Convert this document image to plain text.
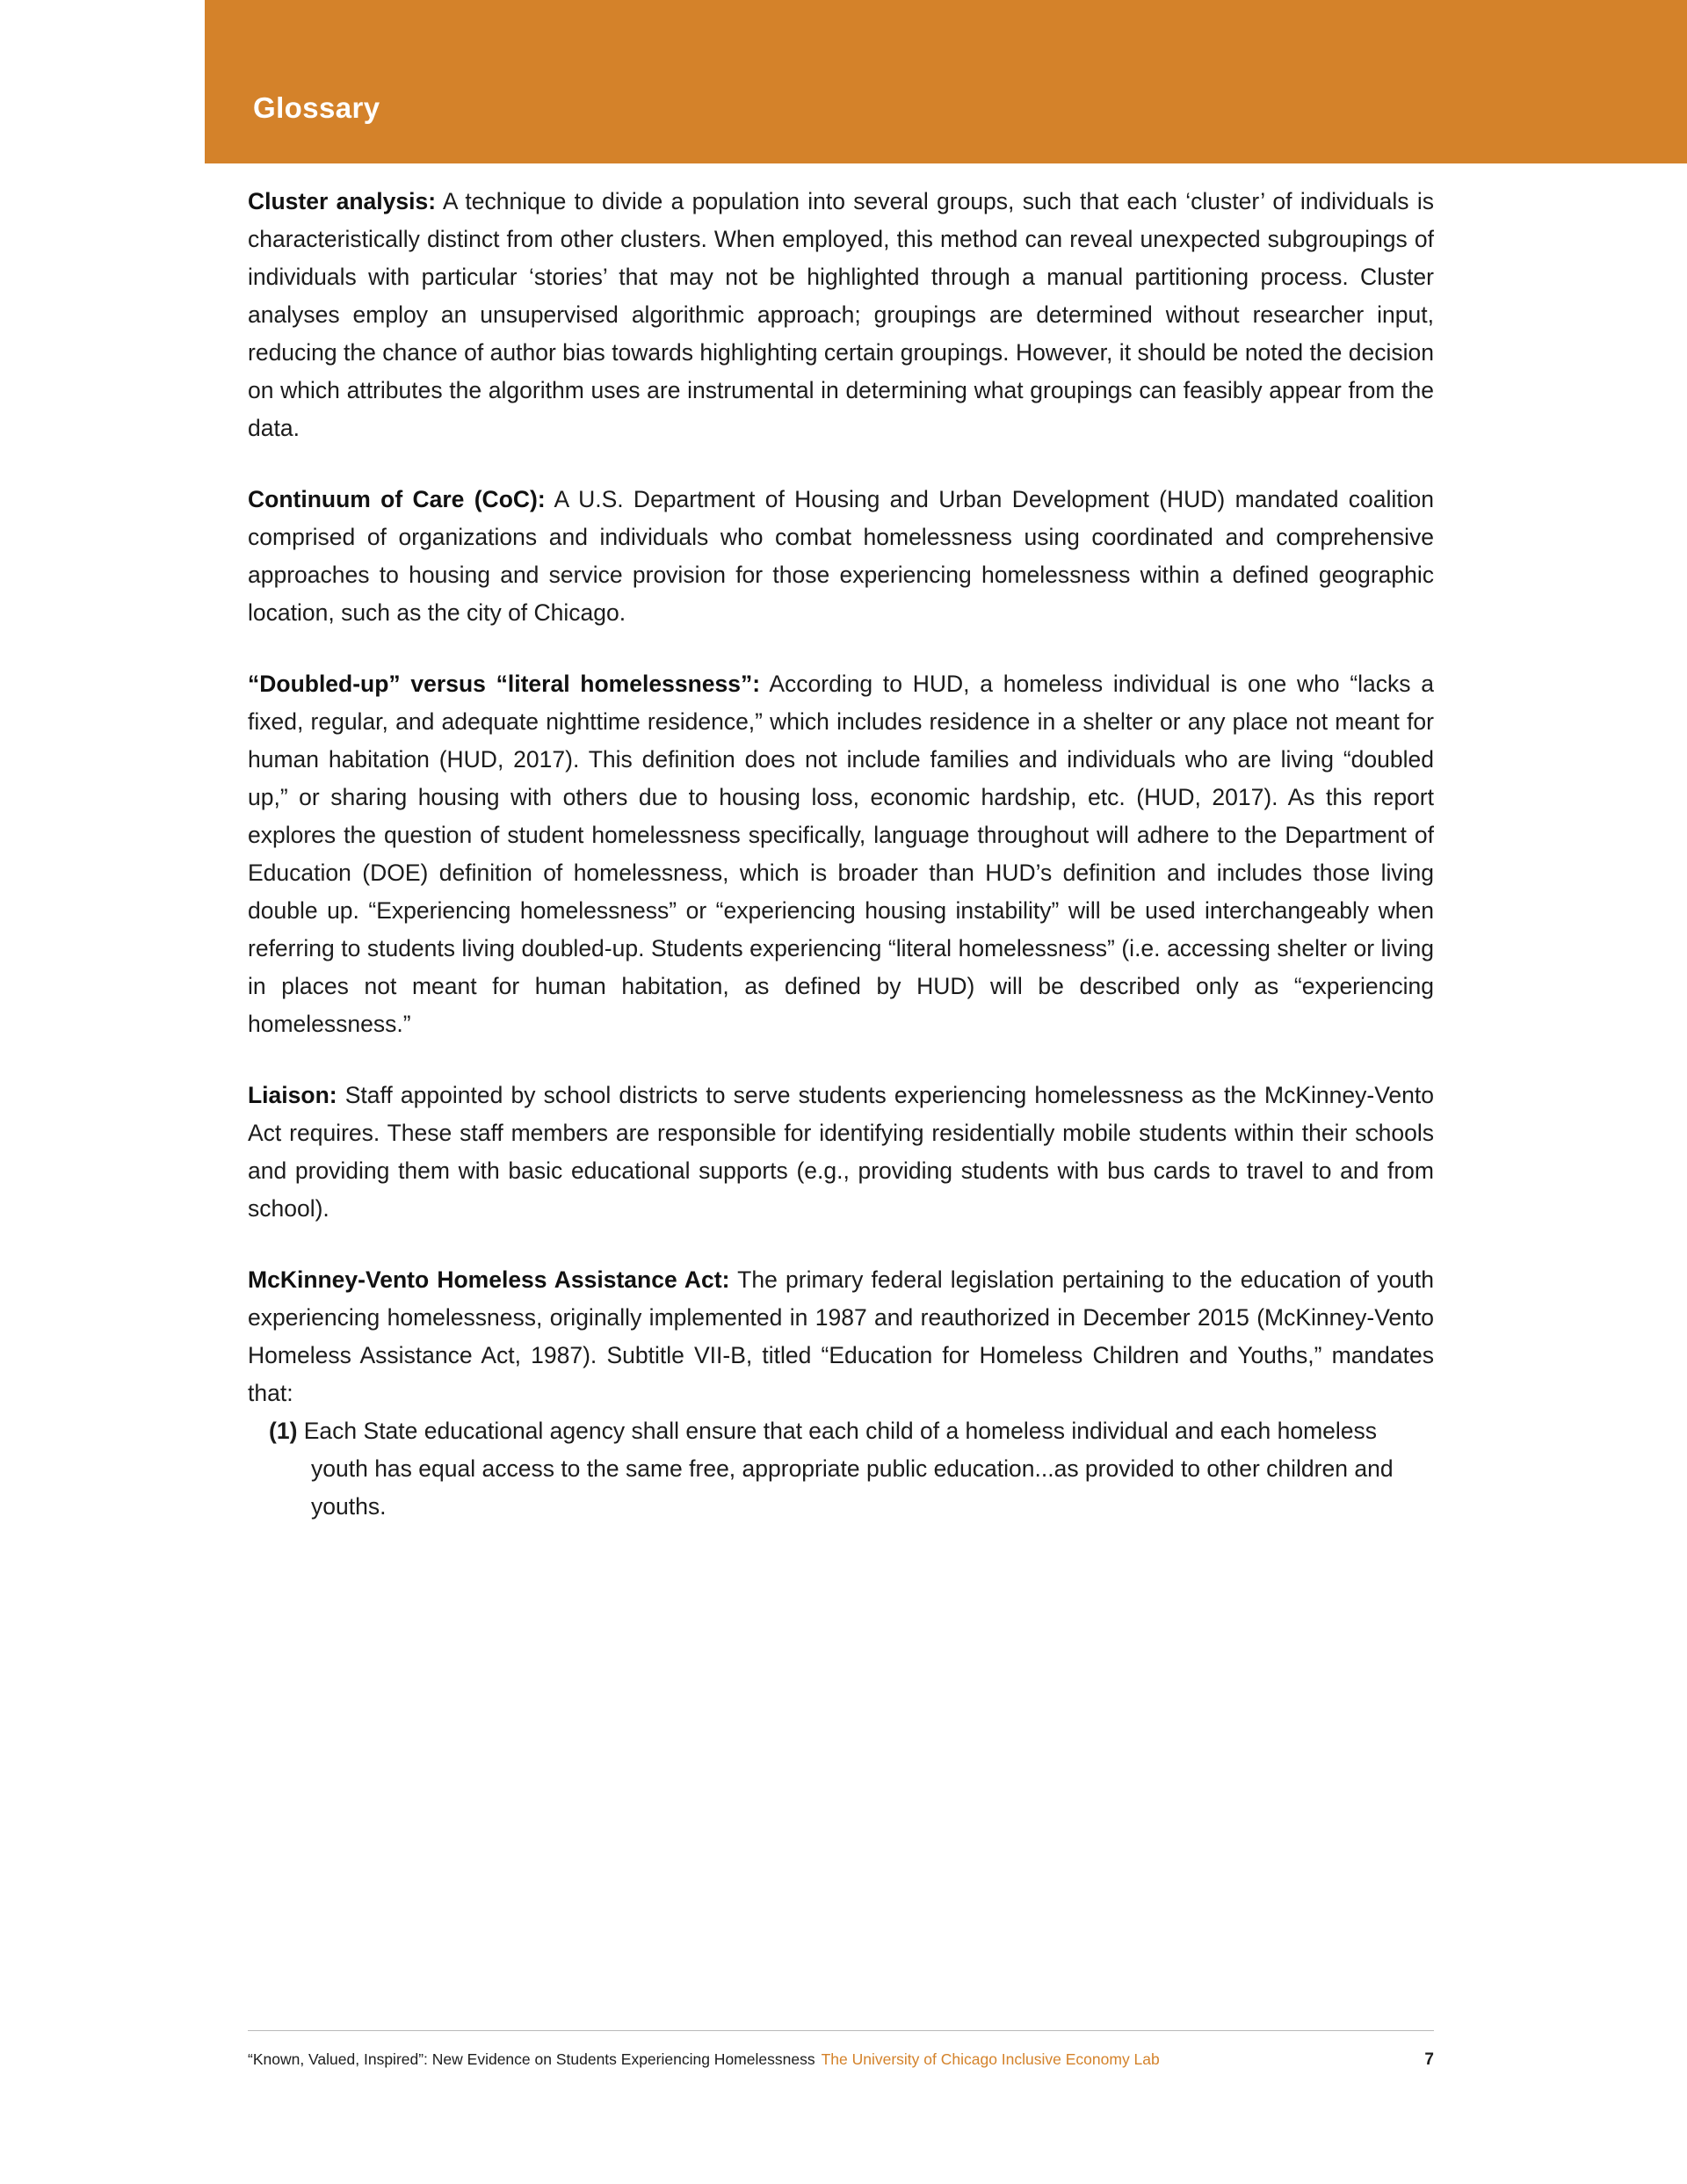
Glossary

Cluster analysis: A technique to divide a population into several groups, such that each ‘cluster’ of individuals is characteristically distinct from other clusters. When employed, this method can reveal unexpected subgroupings of individuals with particular ‘stories’ that may not be highlighted through a manual partitioning process. Cluster analyses employ an unsupervised algorithmic approach; groupings are determined without researcher input, reducing the chance of author bias towards highlighting certain groupings. However, it should be noted the decision on which attributes the algorithm uses are instrumental in determining what groupings can feasibly appear from the data.

Continuum of Care (CoC): A U.S. Department of Housing and Urban Development (HUD) mandated coalition comprised of organizations and individuals who combat homelessness using coordinated and comprehensive approaches to housing and service provision for those experiencing homelessness within a defined geographic location, such as the city of Chicago.

“Doubled-up” versus “literal homelessness”: According to HUD, a homeless individual is one who “lacks a fixed, regular, and adequate nighttime residence,” which includes residence in a shelter or any place not meant for human habitation (HUD, 2017). This definition does not include families and individuals who are living “doubled up,” or sharing housing with others due to housing loss, economic hardship, etc. (HUD, 2017). As this report explores the question of student homelessness specifically, language throughout will adhere to the Department of Education (DOE) definition of homelessness, which is broader than HUD’s definition and includes those living double up. “Experiencing homelessness” or “experiencing housing instability” will be used interchangeably when referring to students living doubled-up. Students experiencing “literal homelessness” (i.e. accessing shelter or living in places not meant for human habitation, as defined by HUD) will be described only as “experiencing homelessness.”

Liaison: Staff appointed by school districts to serve students experiencing homelessness as the McKinney-Vento Act requires. These staff members are responsible for identifying residentially mobile students within their schools and providing them with basic educational supports (e.g., providing students with bus cards to travel to and from school).

McKinney-Vento Homeless Assistance Act: The primary federal legislation pertaining to the education of youth experiencing homelessness, originally implemented in 1987 and reauthorized in December 2015 (McKinney-Vento Homeless Assistance Act, 1987). Subtitle VII-B, titled “Education for Homeless Children and Youths,” mandates that:

(1) Each State educational agency shall ensure that each child of a homeless individual and each homeless youth has equal access to the same free, appropriate public education...as provided to other children and youths.

“Known, Valued, Inspired”: New Evidence on Students Experiencing Homelessness The University of Chicago Inclusive Economy Lab	7
